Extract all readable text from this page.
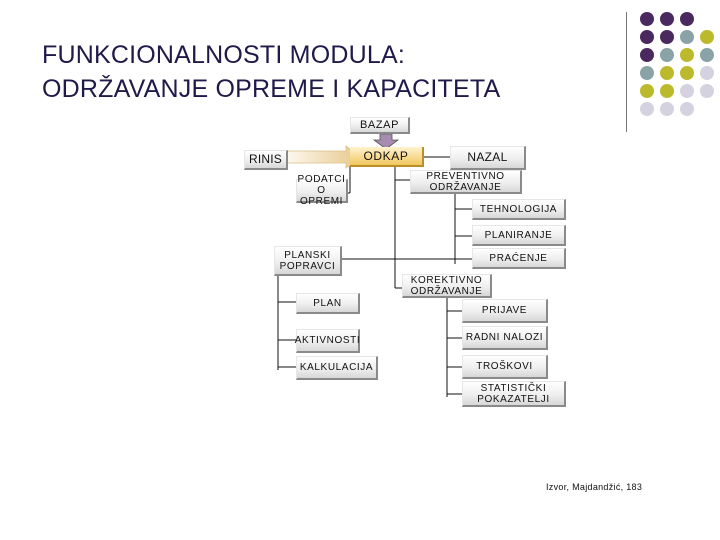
FUNKCIONALNOSTI MODULA:
ODRŽAVANJE OPREME I KAPACITETA
BAZAP
ODKAP
RINIS	NAZAL
PODATCI O OPREMI
PREVENTIVNO ODRŽAVANJE
TEHNOLOGIJA
PLANIRANJE
PRAĆENJE
PLANSKI POPRAVCI
KOREKTIVNO ODRŽAVANJE
PLAN
PRIJAVE
AKTIVNOSTI	RADNI NALOZI
KALKULACIJA	TROŠKOVI
STATISTIČKI POKAZATELJI
Izvor, Majdandžić, 183
